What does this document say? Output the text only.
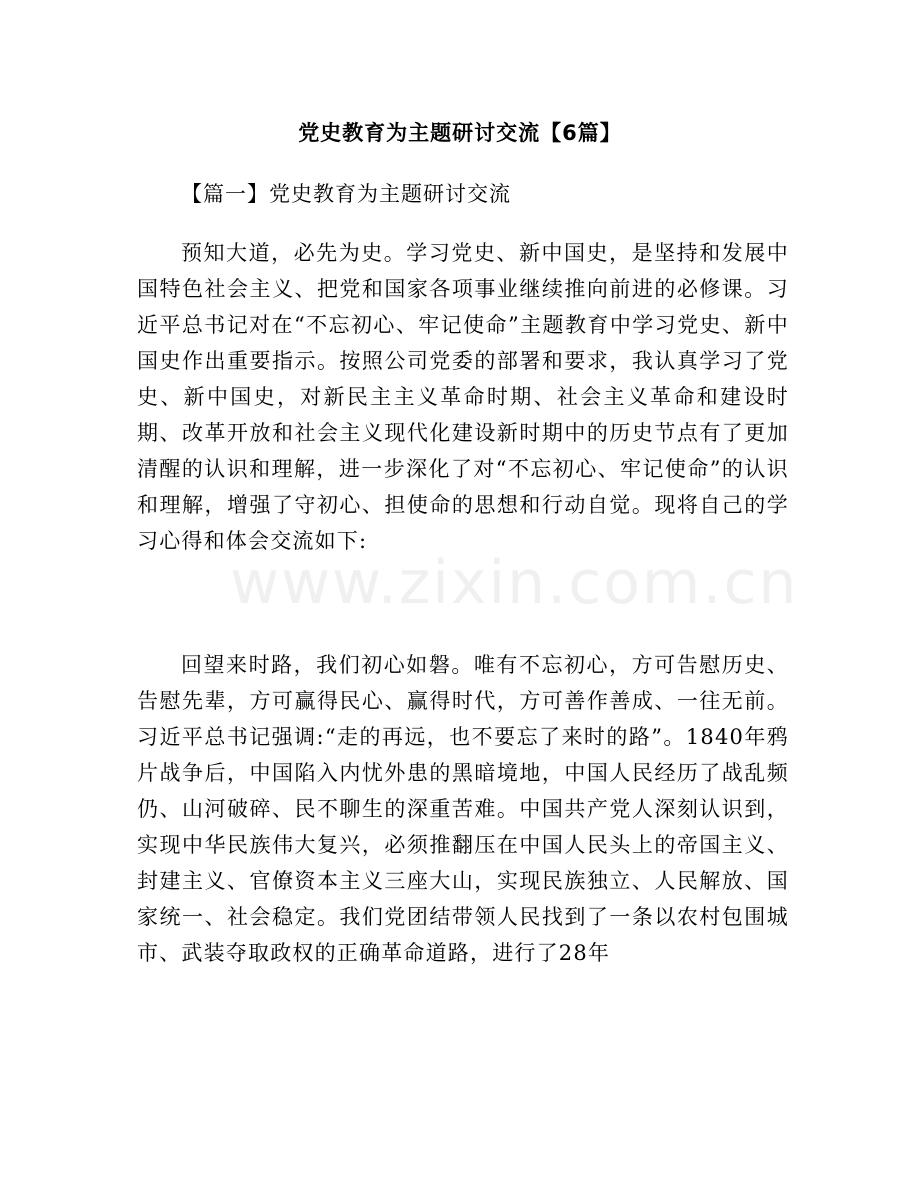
www.zixin.com.cn
党史教育为主题研讨交流【6篇】
【篇一】党史教育为主题研讨交流

预知大道，必先为史。学习党史、新中国史，是坚持和发展中国特色社会主义、把党和国家各项事业继续推向前进的必修课。习近平总书记对在“不忘初心、牢记使命”主题教育中学习党史、新中国史作出重要指示。按照公司党委的部署和要求，我认真学习了党史、新中国史，对新民主主义革命时期、社会主义革命和建设时期、改革开放和社会主义现代化建设新时期中的历史节点有了更加清醒的认识和理解，进一步深化了对“不忘初心、牢记使命”的认识和理解，增强了守初心、担使命的思想和行动自觉。现将自己的学习心得和体会交流如下:

回望来时路，我们初心如磐。唯有不忘初心，方可告慰历史、告慰先辈，方可赢得民心、赢得时代，方可善作善成、一往无前。习近平总书记强调:“走的再远，也不要忘了来时的路”。1840年鸦片战争后，中国陷入内忧外患的黑暗境地，中国人民经历了战乱频仍、山河破碎、民不聊生的深重苦难。中国共产党人深刻认识到，实现中华民族伟大复兴，必须推翻压在中国人民头上的帝国主义、封建主义、官僚资本主义三座大山，实现民族独立、人民解放、国家统一、社会稳定。我们党团结带领人民找到了一条以农村包围城市、武装夺取政权的正确革命道路，进行了28年
